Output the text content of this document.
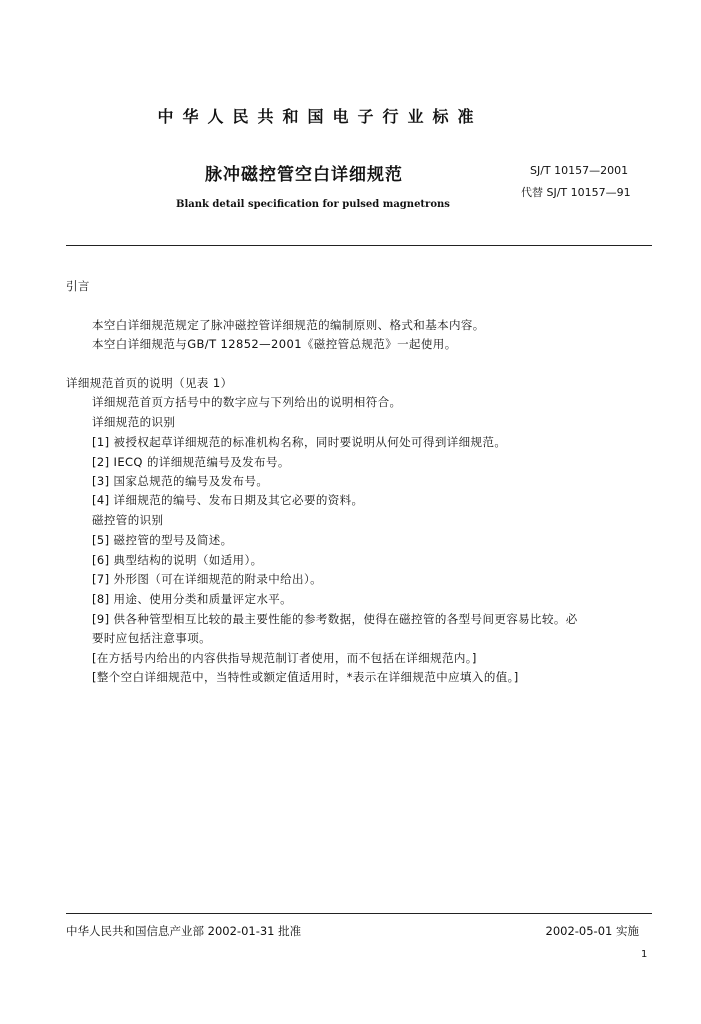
中华人民共和国电子行业标准
脉冲磁控管空白详细规范	SJ/T 10157—2001
代替 SJ/T 10157—91
Blank detail specification for pulsed magnetrons
引言
本空白详细规范规定了脉冲磁控管详细规范的编制原则、格式和基本内容。
本空白详细规范与GB/T 12852—2001《磁控管总规范》一起使用。
详细规范首页的说明（见表 1）
详细规范首页方括号中的数字应与下列给出的说明相符合。
详细规范的识别
[1] 被授权起草详细规范的标准机构名称，同时要说明从何处可得到详细规范。
[2] IECQ 的详细规范编号及发布号。
[3] 国家总规范的编号及发布号。
[4] 详细规范的编号、发布日期及其它必要的资料。
磁控管的识别
[5] 磁控管的型号及简述。
[6] 典型结构的说明（如适用）。
[7] 外形图（可在详细规范的附录中给出）。
[8] 用途、使用分类和质量评定水平。
[9] 供各种管型相互比较的最主要性能的参考数据，使得在磁控管的各型号间更容易比较。必
要时应包括注意事项。
[在方括号内给出的内容供指导规范制订者使用，而不包括在详细规范内。]
[整个空白详细规范中，当特性或额定值适用时，*表示在详细规范中应填入的值。]
中华人民共和国信息产业部 2002-01-31 批准	2002-05-01 实施
1
